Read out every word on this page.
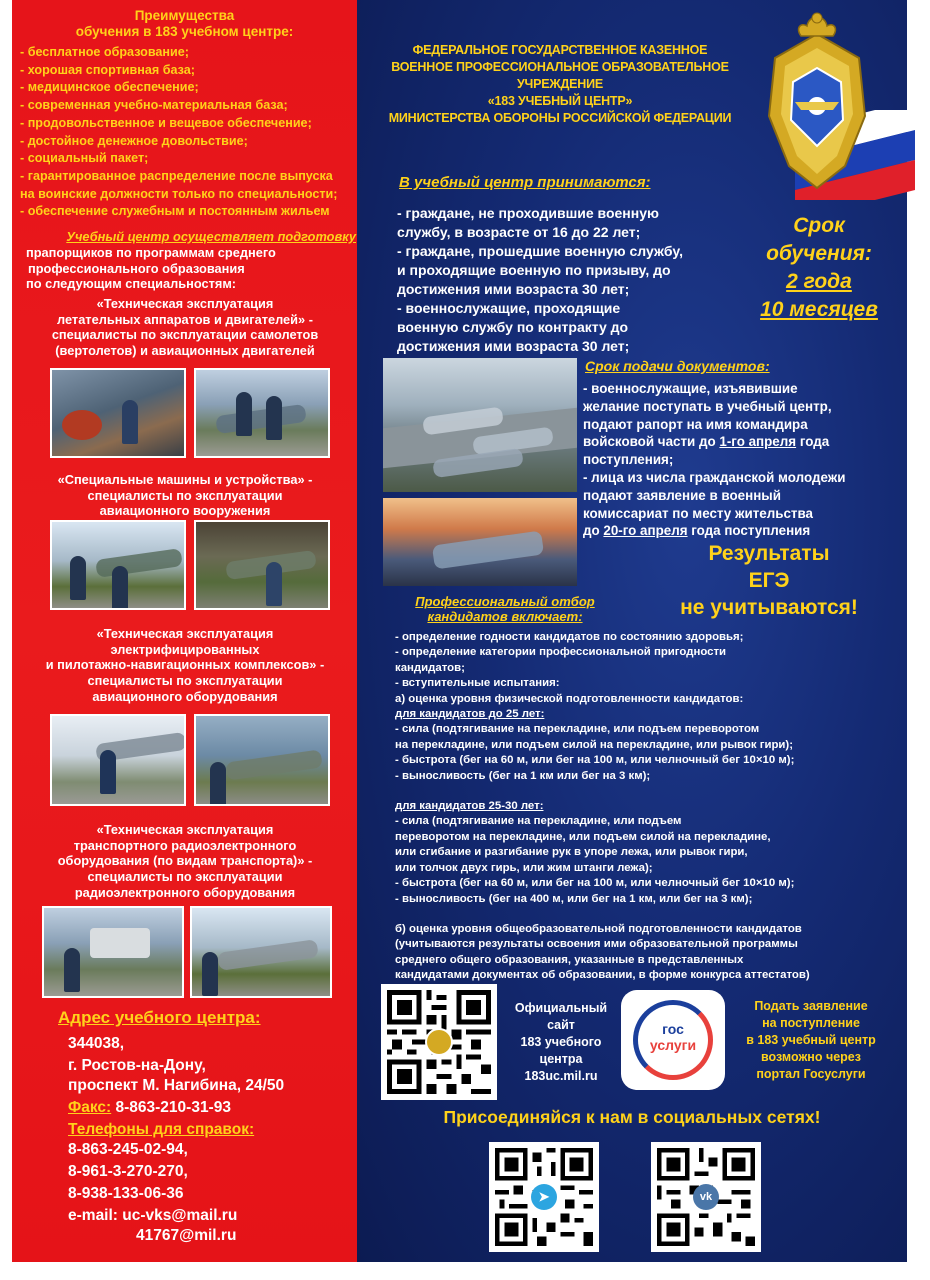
Преимущества
обучения в 183 учебном центре:
- бесплатное образование;
- хорошая спортивная база;
- медицинское обеспечение;
- современная учебно-материальная база;
- продовольственное и вещевое обеспечение;
- достойное денежное довольствие;
- социальный пакет;
- гарантированное распределение после выпуска
на воинские должности только по специальности;
- обеспечение служебным и постоянным жильем
Учебный центр осуществляет подготовку
прапорщиков по программам среднего
профессионального образования
по следующим специальностям:
«Техническая эксплуатация
летательных аппаратов и двигателей» -
специалисты по эксплуатации самолетов
(вертолетов) и авиационных двигателей
«Специальные машины и устройства» -
специалисты по эксплуатации
авиационного вооружения
«Техническая эксплуатация
электрифицированных
и пилотажно-навигационных комплексов» -
специалисты по эксплуатации
авиационного оборудования
«Техническая эксплуатация
транспортного радиоэлектронного
оборудования (по видам транспорта)» -
специалисты по эксплуатации
радиоэлектронного оборудования
Адрес учебного центра:
344038,
г. Ростов-на-Дону,
проспект М. Нагибина, 24/50
Факс: 8-863-210-31-93
Телефоны для справок:
8-863-245-02-94,
8-961-3-270-270,
8-938-133-06-36
e-mail: uc-vks@mail.ru
41767@mil.ru
ФЕДЕРАЛЬНОЕ ГОСУДАРСТВЕННОЕ КАЗЕННОЕ
ВОЕННОЕ ПРОФЕССИОНАЛЬНОЕ ОБРАЗОВАТЕЛЬНОЕ УЧРЕЖДЕНИЕ
«183 УЧЕБНЫЙ ЦЕНТР»
МИНИСТЕРСТВА ОБОРОНЫ РОССИЙСКОЙ ФЕДЕРАЦИИ
В учебный центр принимаются:
- граждане, не проходившие военную
службу, в возрасте от 16 до 22 лет;
- граждане, прошедшие военную службу,
и проходящие военную по призыву, до
достижения ими возраста 30 лет;
- военнослужащие, проходящие
военную службу по контракту до
достижения ими возраста 30 лет;
Срок
обучения:
2 года
10 месяцев
Срок подачи документов:
- военнослужащие, изъявившие
желание поступать в учебный центр,
подают рапорт на имя командира
войсковой части до 1-го апреля года
поступления;
- лица из числа гражданской молодежи
подают заявление в военный
комиссариат по месту жительства
до 20-го апреля года поступления
Результаты
ЕГЭ
не учитываются!
Профессиональный отбор
кандидатов включает:
- определение годности кандидатов по состоянию здоровья;
- определение категории профессиональной пригодности
кандидатов;
- вступительные испытания:
а) оценка уровня физической подготовленности кандидатов:
для кандидатов до 25 лет:
- сила (подтягивание на перекладине, или подъем переворотом
на перекладине, или подъем силой на перекладине, или рывок гири);
- быстрота (бег на 60 м, или бег на 100 м, или челночный бег 10×10 м);
- выносливость (бег на 1 км или бег на 3 км);
для кандидатов 25-30 лет:
- сила (подтягивание на перекладине, или подъем
переворотом на перекладине, или подъем силой на перекладине,
или сгибание и разгибание рук в упоре лежа, или рывок гири,
или толчок двух гирь, или жим штанги лежа);
- быстрота (бег на 60 м, или бег на 100 м, или челночный бег 10×10 м);
- выносливость (бег на 400 м, или бег на 1 км, или бег на 3 км);
б) оценка уровня общеобразовательной подготовленности кандидатов
(учитываются результаты освоения ими образовательной программы
среднего общего образования, указанные в представленных
кандидатами документах об образовании, в форме конкурса аттестатов)
Официальный
сайт
183 учебного
центра
183uc.mil.ru
гос
услуги
Подать заявление
на поступление
в 183 учебный центр
возможно через
портал Госуслуги
Присоединяйся к нам в социальных сетях!
➤	vk
